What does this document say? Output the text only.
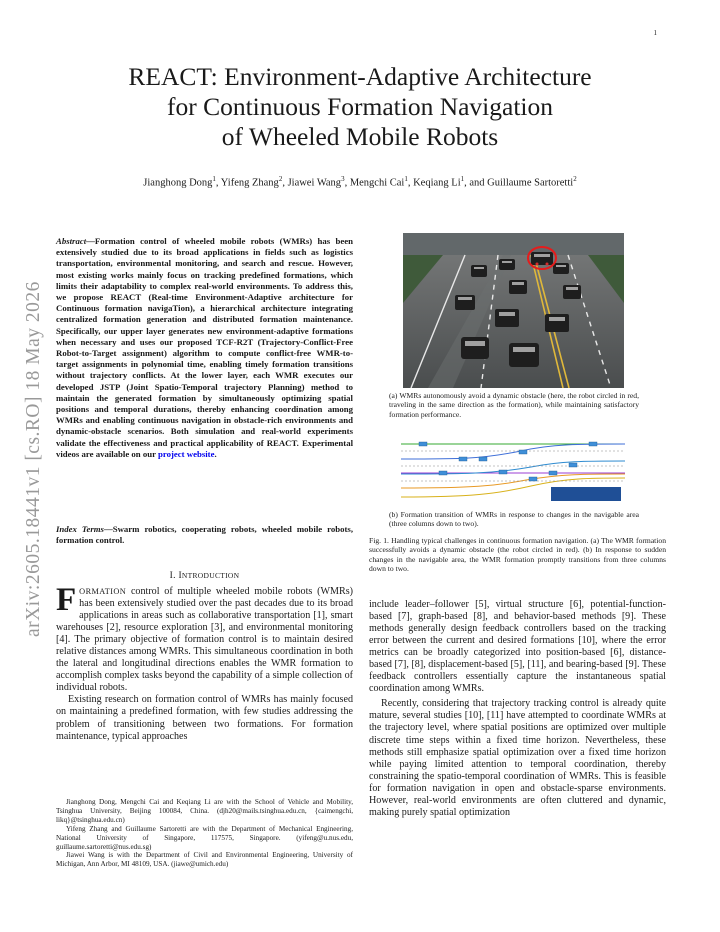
1
arXiv:2605.18441v1 [cs.RO] 18 May 2026
REACT: Environment-Adaptive Architecture
for Continuous Formation Navigation
of Wheeled Mobile Robots
Jianghong Dong$^1$, Yifeng Zhang$^2$, Jiawei Wang$^3$, Mengchi Cai$^1$, Keqiang Li$^1$, and Guillaume Sartoretti$^2$
Abstract—Formation control of wheeled mobile robots (WMRs) has been extensively studied due to its broad applications in fields such as logistics transportation, environmental monitoring, and search and rescue. However, most existing works mainly focus on tracking predefined formations, which limits their adaptability to complex real-world environments. To address this, we propose REACT (Real-time Environment-Adaptive architecture for Continuous formation navigaTion), a hierarchical architecture integrating centralized formation generation and distributed formation maintenance. Specifically, our upper layer generates new environment-adaptive formations when necessary and uses our proposed TCF-R2T (Trajectory-Conflict-Free Robot-to-Target assignment) algorithm to compute conflict-free WMR-to-target assignments in polynomial time, enabling timely formation transitions without trajectory conflicts. At the lower layer, each WMR executes our developed JSTP (Joint Spatio-Temporal trajectory Planning) method to maintain the generated formation by simultaneously optimizing spatial positions and temporal durations, thereby enhancing coordination among WMRs and enabling continuous navigation in obstacle-rich environments and dynamic-obstacle scenarios. Both simulation and real-world experiments validate the effectiveness and practical applicability of REACT. Experimental videos are available on our project website.
Index Terms—Swarm robotics, cooperating robots, wheeled mobile robots, formation control.
I. INTRODUCTION

FORMATION control of multiple wheeled mobile robots (WMRs) has been extensively studied over the past decades due to its broad applications in areas such as collaborative transportation [1], smart warehouses [2], resource exploration [3], and environmental monitoring [4]. The primary objective of formation control is to maintain desired relative distances among WMRs. This simultaneous coordination in both the lateral and longitudinal directions enables the WMR formation to accomplish complex tasks beyond the capability of a simple collection of individual robots.

Existing research on formation control of WMRs has mainly focused on maintaining a predefined formation, with few studies addressing the problem of transitioning between two formations. For formation maintenance, typical approaches

Jianghong Dong, Mengchi Cai and Keqiang Li are with the School of Vehicle and Mobility, Tsinghua University, Beijing 100084, China. (djh20@mails.tsinghua.edu.cn, {caimengchi, likq}@tsinghua.edu.cn)

Yifeng Zhang and Guillaume Sartoretti are with the Department of Mechanical Engineering, National University of Singapore, 117575, Singapore. (yifeng@u.nus.edu, guillaume.sartoretti@nus.edu.sg)

Jiawei Wang is with the Department of Civil and Environmental Engineering, University of Michigan, Ann Arbor, MI 48109, USA. (jiawe@umich.edu)

(a) WMRs autonomously avoid a dynamic obstacle (here, the robot circled in red, traveling in the same direction as the formation), while maintaining satisfactory formation performance.
(b) Formation transition of WMRs in response to changes in the navigable area (three columns down to two).
Fig. 1. Handling typical challenges in continuous formation navigation. (a) The WMR formation successfully avoids a dynamic obstacle (the robot circled in red). (b) In response to sudden changes in the navigable area, the WMR formation promptly transitions from three columns down to two.

include leader–follower [5], virtual structure [6], potential-function-based [7], graph-based [8], and behavior-based methods [9]. These methods generally design feedback controllers based on the tracking error between the current and desired formations [10], where the error metrics can be broadly categorized into position-based [6], distance-based [7], [8], displacement-based [5], [11], and bearing-based [9]. These feedback controllers essentially capture the instantaneous spatial coordination among WMRs.

Recently, considering that trajectory tracking control is already quite mature, several studies [10], [11] have attempted to coordinate WMRs at the trajectory level, where spatial positions are optimized over multiple discrete time steps within a fixed time horizon. Nevertheless, these methods still emphasize spatial optimization over a fixed time horizon while paying limited attention to temporal coordination, thereby constraining the spatio-temporal coordination of WMRs. This is feasible for formation navigation in open and obstacle-sparse environments. However, real-world environments are often cluttered and dynamic, making purely spatial optimization
